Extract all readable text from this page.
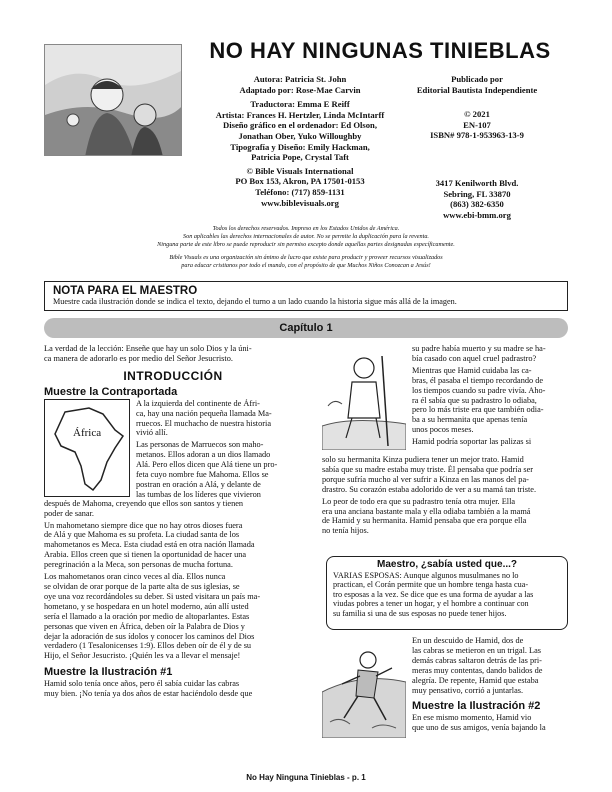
NO HAY NINGUNAS TINIEBLAS
Autora: Patricia St. John
Adaptado por: Rose-Mae Carvin
Traductora: Emma E Reiff
Artista: Frances H. Hertzler, Linda McIntarff
Diseño gráfico en el ordenador: Ed Olson,
Jonathan Ober, Yuko Willoughby
Tipografía y Diseño: Emily Hackman,
Patricia Pope, Crystal Taft
© Bible Visuals International
PO Box 153, Akron, PA 17501-0153
Teléfono: (717) 859-1131
www.biblevisuals.org
Publicado por
Editorial Bautista Independiente
© 2021
EN-107
ISBN# 978-1-953963-13-9
3417 Kenilworth Blvd.
Sebring, FL 33870
(863) 382-6350
www.ebi-bmm.org
Todos los derechos reservados. Impreso en los Estados Unidos de América.
Son aplicables las derechos internacionales de autor. No se permite la duplicación para la reventa.
Ninguna parte de este libro se puede reproducir sin permiso excepto donde aquellas partes designadas específicamente.
Bible Visuals es una organización sin ánimo de lucro que existe para producir y proveer recursos visualizados
para educar cristianos por todo el mundo, con el propósito de que Muchos Niños Conozcan a Jesús!
NOTA PARA EL MAESTRO
Muestre cada ilustración donde se indica el texto, dejando el turno a un lado cuando la historia sigue más allá de la imagen.
Capítulo 1
La verdad de la lección: Enseñe que hay un solo Dios y la úni-
ca manera de adorarlo es por medio del Señor Jesucristo.
INTRODUCCIÓN
Muestre la Contraportada
África
A la izquierda del continente de Áfri-
ca, hay una nación pequeña llamada Ma-
rruecos. El muchacho de nuestra historia
vivió allí.
Las personas de Marruecos son maho-
metanos. Ellos adoran a un dios llamado
Alá. Pero ellos dicen que Alá tiene un pro-
feta cuyo nombre fue Mahoma. Ellos se
postran en oración a Alá, y delante de
las tumbas de los líderes que vivieron
después de Mahoma, creyendo que ellos son santos y tienen
poder de sanar.
Un mahometano siempre dice que no hay otros dioses fuera
de Alá y que Mahoma es su profeta. La ciudad santa de los
mahometanos es Meca. Esta ciudad está en otra nación llamada
Arabia. Ellos creen que si tienen la oportunidad de hacer una
peregrinación a la Meca, son personas de mucha fortuna.
Los mahometanos oran cinco veces al día. Ellos nunca
se olvidan de orar porque de la parte alta de sus iglesias, se
oye una voz recordándoles su deber. Si usted visitara un país ma-
hometano, y se hospedara en un hotel moderno, aún allí usted
sería el llamado a la oración por medio de altoparlantes. Estas
personas que viven en África, deben oír la Palabra de Dios y
dejar la adoración de sus ídolos y conocer los caminos del Dios
verdadero (1 Tesalonicenses 1:9). Ellos deben oír de él y de su
Hijo, el Señor Jesucristo. ¡Quién les va a llevar el mensaje!
Muestre la Ilustración #1
Hamid solo tenía once años, pero él sabía cuidar las cabras
muy bien. ¡No tenía ya dos años de estar haciéndolo desde que
su padre había muerto y su madre se ha-
bía casado con aquel cruel padrastro?
Mientras que Hamid cuidaba las ca-
bras, él pasaba el tiempo recordando de
los tiempos cuando su padre vivía. Aho-
ra él sabía que su padrastro lo odiaba,
pero lo más triste era que también odia-
ba a su hermanita que apenas tenía
unos pocos meses.
Hamid podría soportar las palizas si
solo su hermanita Kinza pudiera tener un mejor trato. Hamid
sabía que su madre estaba muy triste. Él pensaba que podría ser
porque sufría mucho al ver sufrir a Kinza en las manos del pa-
drastro. Su corazón estaba adolorido de ver a su mamá tan triste.
Lo peor de todo era que su padrastro tenía otra mujer. Ella
era una anciana bastante mala y ella odiaba también a la mamá
de Hamid y su hermanita. Hamid pensaba que era porque ella
no tenía hijos.
Maestro, ¿sabía usted que...?
VARIAS ESPOSAS: Aunque algunos musulmanes no lo
practican, el Corán permite que un hombre tenga hasta cua-
tro esposas a la vez. Se dice que es una forma de ayudar a las
viudas pobres a tener un hogar, y el hombre a continuar con
su familia si una de sus esposas no puede tener hijos.
En un descuido de Hamid, dos de
las cabras se metieron en un trigal. Las
demás cabras saltaron detrás de las pri-
meras muy contentas, dando balidos de
alegría. De repente, Hamid que estaba
muy pensativo, corrió a juntarlas.
Muestre la Ilustración #2
En ese mismo momento, Hamid vio
que uno de sus amigos, venía bajando la
No Hay Ninguna Tinieblas - p. 1
